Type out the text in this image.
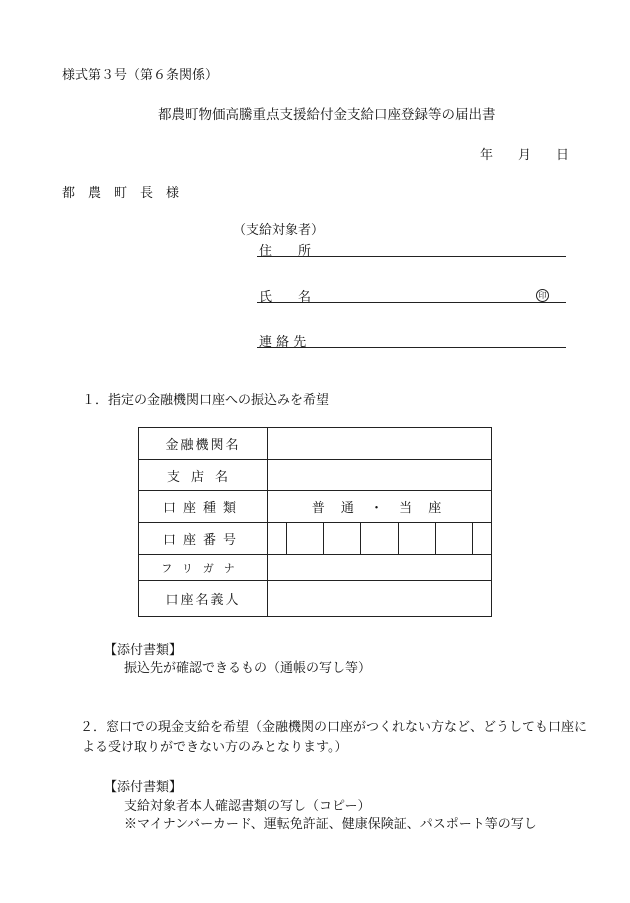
様式第３号（第６条関係）
都農町物価高騰重点支援給付金支給口座登録等の届出書
年 月 日
都　農　町　長　様
（支給対象者）
住　　所
氏　　名	印
連 絡 先
１．指定の金融機関口座への振込みを希望
金融機関名	
支店名	
口座種類	普 通 ・ 当 座
口座番号	

フリガナ	
口座名義人	
【添付書類】
振込先が確認できるもの（通帳の写し等）
２．窓口での現金支給を希望（金融機関の口座がつくれない方など、どうしても口座に
よる受け取りができない方のみとなります。）
【添付書類】
支給対象者本人確認書類の写し（コピー）
※マイナンバーカード、運転免許証、健康保険証、パスポート等の写し
